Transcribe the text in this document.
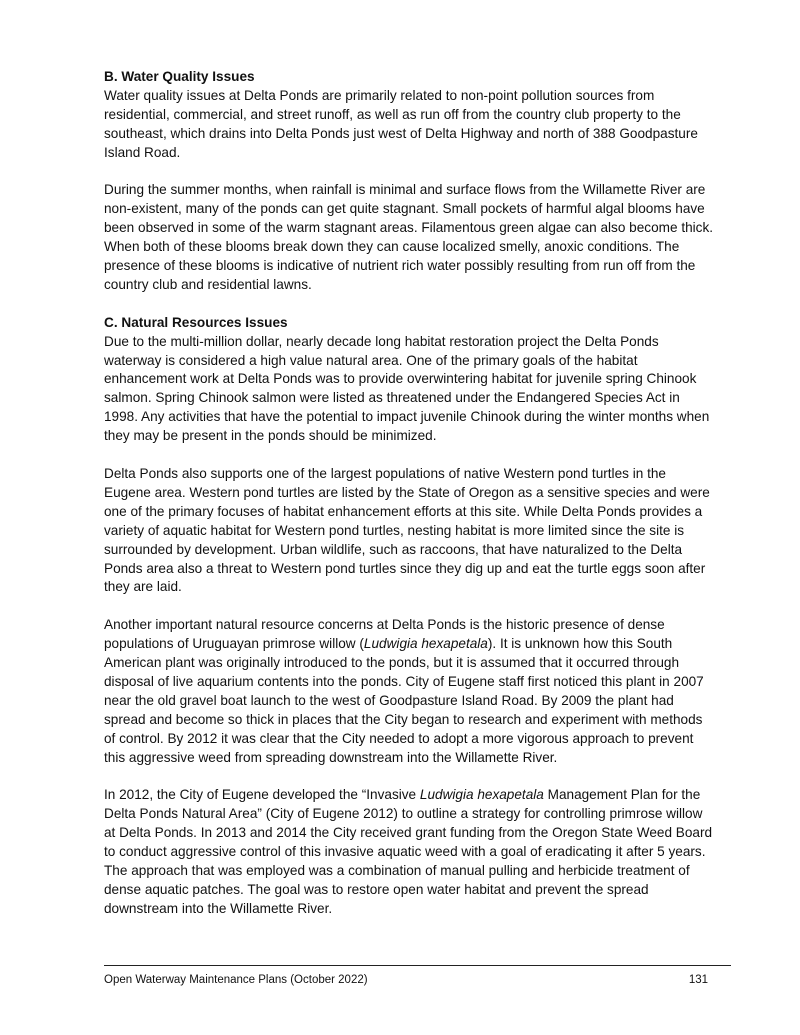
B. Water Quality Issues

Water quality issues at Delta Ponds are primarily related to non-point pollution sources from residential, commercial, and street runoff, as well as run off from the country club property to the southeast, which drains into Delta Ponds just west of Delta Highway and north of 388 Goodpasture Island Road.

During the summer months, when rainfall is minimal and surface flows from the Willamette River are non-existent, many of the ponds can get quite stagnant. Small pockets of harmful algal blooms have been observed in some of the warm stagnant areas. Filamentous green algae can also become thick. When both of these blooms break down they can cause localized smelly, anoxic conditions. The presence of these blooms is indicative of nutrient rich water possibly resulting from run off from the country club and residential lawns.

C. Natural Resources Issues

Due to the multi-million dollar, nearly decade long habitat restoration project the Delta Ponds waterway is considered a high value natural area. One of the primary goals of the habitat enhancement work at Delta Ponds was to provide overwintering habitat for juvenile spring Chinook salmon. Spring Chinook salmon were listed as threatened under the Endangered Species Act in 1998. Any activities that have the potential to impact juvenile Chinook during the winter months when they may be present in the ponds should be minimized.

Delta Ponds also supports one of the largest populations of native Western pond turtles in the Eugene area. Western pond turtles are listed by the State of Oregon as a sensitive species and were one of the primary focuses of habitat enhancement efforts at this site. While Delta Ponds provides a variety of aquatic habitat for Western pond turtles, nesting habitat is more limited since the site is surrounded by development. Urban wildlife, such as raccoons, that have naturalized to the Delta Ponds area also a threat to Western pond turtles since they dig up and eat the turtle eggs soon after they are laid.

Another important natural resource concerns at Delta Ponds is the historic presence of dense populations of Uruguayan primrose willow (Ludwigia hexapetala). It is unknown how this South American plant was originally introduced to the ponds, but it is assumed that it occurred through disposal of live aquarium contents into the ponds. City of Eugene staff first noticed this plant in 2007 near the old gravel boat launch to the west of Goodpasture Island Road. By 2009 the plant had spread and become so thick in places that the City began to research and experiment with methods of control. By 2012 it was clear that the City needed to adopt a more vigorous approach to prevent this aggressive weed from spreading downstream into the Willamette River.

In 2012, the City of Eugene developed the “Invasive Ludwigia hexapetala Management Plan for the Delta Ponds Natural Area” (City of Eugene 2012) to outline a strategy for controlling primrose willow at Delta Ponds. In 2013 and 2014 the City received grant funding from the Oregon State Weed Board to conduct aggressive control of this invasive aquatic weed with a goal of eradicating it after 5 years. The approach that was employed was a combination of manual pulling and herbicide treatment of dense aquatic patches. The goal was to restore open water habitat and prevent the spread downstream into the Willamette River.

Open Waterway Maintenance Plans (October 2022)	131
